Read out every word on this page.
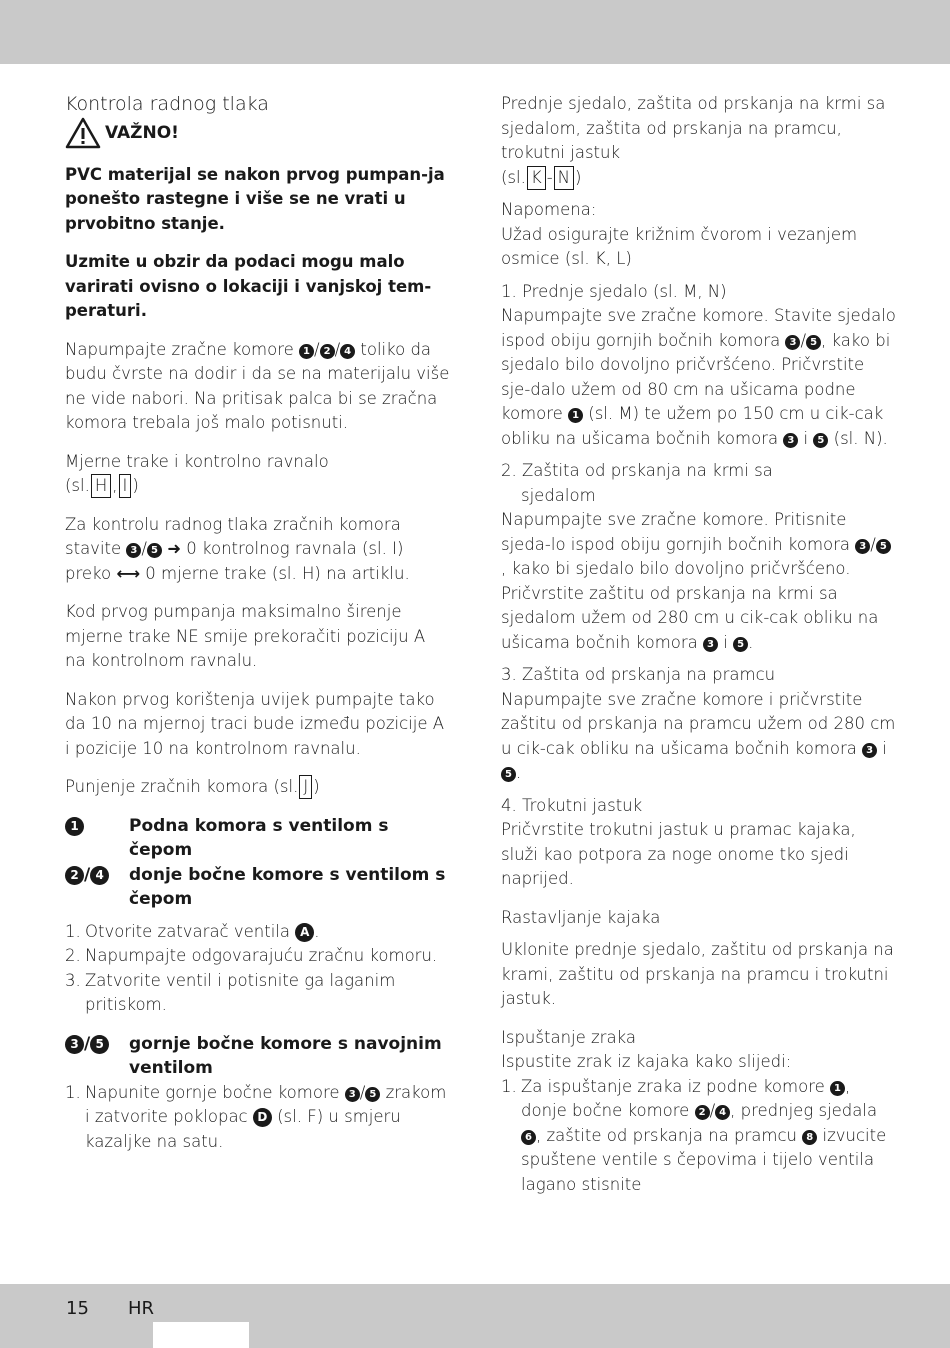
Kontrola radnog tlaka

VAŽNO!

PVC materijal se nakon prvog pumpan-ja ponešto rastegne i više se ne vrati u prvobitno stanje.

Uzmite u obzir da podaci mogu malo varirati ovisno o lokaciji i vanjskoj tem-peraturi.

Napumpajte zračne komore 1 / 2 / 4 toliko da budu čvrste na dodir i da se na materijalu više ne vide nabori. Na pritisak palca bi se zračna komora trebala još malo potisnuti.

Mjerne trake i kontrolno ravnalo

(sl. H , I )

Za kontrolu radnog tlaka zračnih komora stavite 3 / 5 ➜ 0 kontrolnog ravnala (sl. I) preko ⟷ 0 mjerne trake (sl. H) na artiklu.

Kod prvog pumpanja maksimalno širenje mjerne trake NE smije prekoračiti poziciju A na kontrolnom ravnalu.

Nakon prvog korištenja uvijek pumpajte tako da 10 na mjernoj traci bude između pozicije A i pozicije 10 na kontrolnom ravnalu.

Punjenje zračnih komora (sl. J )

1	Podna komora s ventilom s čepom
2 / 4	donje bočne komore s ventilom s čepom
1. Otvorite zatvarač ventila A .
2. Napumpajte odgovarajuću zračnu komoru.
3. Zatvorite ventil i potisnite ga laganim pritiskom.
3 / 5	gornje bočne komore s navojnim ventilom
1. Napunite gornje bočne komore 3 / 5 zrakom i zatvorite poklopac D (sl. F) u smjeru kazaljke na satu.

Prednje sjedalo, zaštita od prskanja na krmi sa sjedalom, zaštita od prskanja na pramcu, trokutni jastuk

(sl. K - N )

Napomena:

Užad osigurajte križnim čvorom i vezanjem osmice (sl. K, L)

1. Prednje sjedalo (sl. M, N)

Napumpajte sve zračne komore. Stavite sjedalo ispod obiju gornjih bočnih komora 3 / 5 , kako bi sjedalo bilo dovoljno pričvršćeno. Pričvrstite sje-dalo užem od 80 cm na ušicama podne komore 1 (sl. M) te užem po 150 cm u cik-cak obliku na ušicama bočnih komora 3 i 5 (sl. N).

2. Zaštita od prskanja na krmi sa

sjedalom

Napumpajte sve zračne komore. Pritisnite sjeda-lo ispod obiju gornjih bočnih komora 3 / 5, kako bi sjedalo bilo dovoljno pričvršćeno. Pričvrstite zaštitu od prskanja na krmi sa sjedalom užem od 280 cm u cik-cak obliku na ušicama bočnih komora 3 i 5 .

3. Zaštita od prskanja na pramcu

Napumpajte sve zračne komore i pričvrstite zaštitu od prskanja na pramcu užem od 280 cm u cik-cak obliku na ušicama bočnih komora 3 i 5 .

4. Trokutni jastuk

Pričvrstite trokutni jastuk u pramac kajaka, služi kao potpora za noge onome tko sjedi naprijed.

Rastavljanje kajaka

Uklonite prednje sjedalo, zaštitu od prskanja na krami, zaštitu od prskanja na pramcu i trokutni jastuk.

Ispuštanje zraka

Ispustite zrak iz kajaka kako slijedi:

1. Za ispuštanje zraka iz podne komore 1 , donje bočne komore 2 / 4 , prednjeg sjedala 6 , zaštite od prskanja na pramcu 8 izvucite spuštene ventile s čepovima i tijelo ventila lagano stisnite
15 HR
